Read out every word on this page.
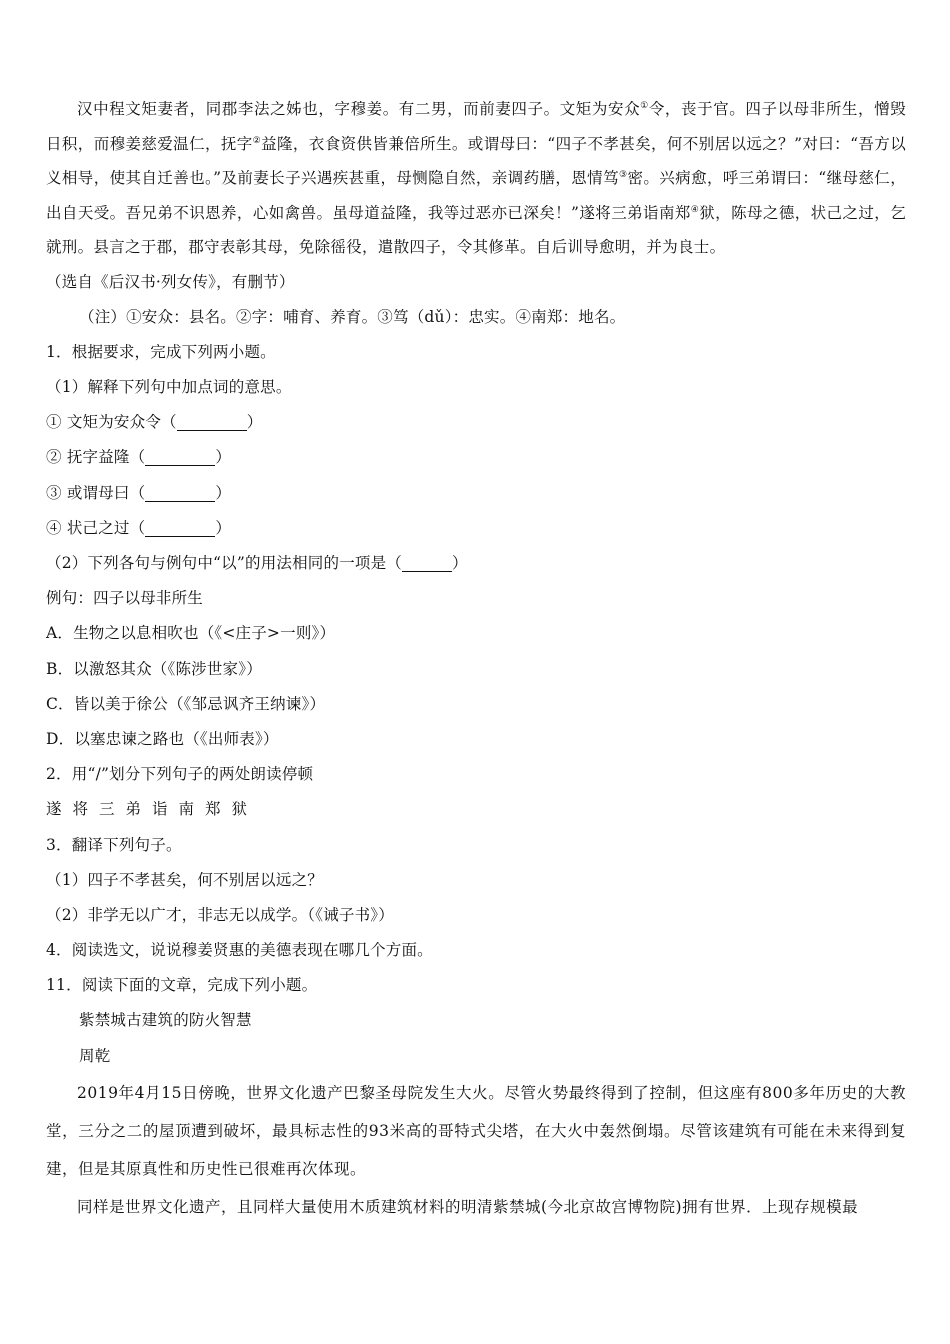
汉中程文矩妻者，同郡李法之姊也，字穆姜。有二男，而前妻四子。文矩为安众①令，丧于官。四子以母非所生，憎毁日积，而穆姜慈爱温仁，抚字②益隆，衣食资供皆兼倍所生。或谓母曰：“四子不孝甚矣，何不别居以远之？”对曰：“吾方以义相导，使其自迁善也。”及前妻长子兴遇疾甚重，母恻隐自然，亲调药膳，恩情笃③密。兴病愈，呼三弟谓曰：“继母慈仁，出自天受。吾兄弟不识恩养，心如禽兽。虽母道益隆，我等过恶亦已深矣！”遂将三弟诣南郑④狱，陈母之德，状己之过，乞就刑。县言之于郡，郡守表彰其母，免除徭役，遣散四子，令其修革。自后训导愈明，并为良士。

（选自《后汉书·列女传》，有删节）

（注）①安众：县名。②字：哺育、养育。③笃（dǔ）：忠实。④南郑：地名。

1．根据要求，完成下列两小题。

（1）解释下列句中加点词的意思。

① 文矩为安众令（	）

② 抚字益隆（	）

③ 或谓母曰（	）

④ 状己之过（	）

（2）下列各句与例句中“以”的用法相同的一项是（	）

例句：四子以母非所生

A．生物之以息相吹也（《<庄子>一则》）

B．以激怒其众（《陈涉世家》）

C．皆以美于徐公（《邹忌讽齐王纳谏》）

D．以塞忠谏之路也（《出师表》）

2．用“/”划分下列句子的两处朗读停顿

遂将三弟诣南郑狱

3．翻译下列句子。

（1）四子不孝甚矣，何不别居以远之？

（2）非学无以广才，非志无以成学。（《诫子书》）

4．阅读选文，说说穆姜贤惠的美德表现在哪几个方面。

11．阅读下面的文章，完成下列小题。

紫禁城古建筑的防火智慧

周乾

2019年4月15日傍晚，世界文化遗产巴黎圣母院发生大火。尽管火势最终得到了控制，但这座有800多年历史的大教堂，三分之二的屋顶遭到破坏，最具标志性的93米高的哥特式尖塔，在大火中轰然倒塌。尽管该建筑有可能在未来得到复建，但是其原真性和历史性已很难再次体现。

同样是世界文化遗产，且同样大量使用木质建筑材料的明清紫禁城(今北京故宫博物院)拥有世界．上现存规模最
